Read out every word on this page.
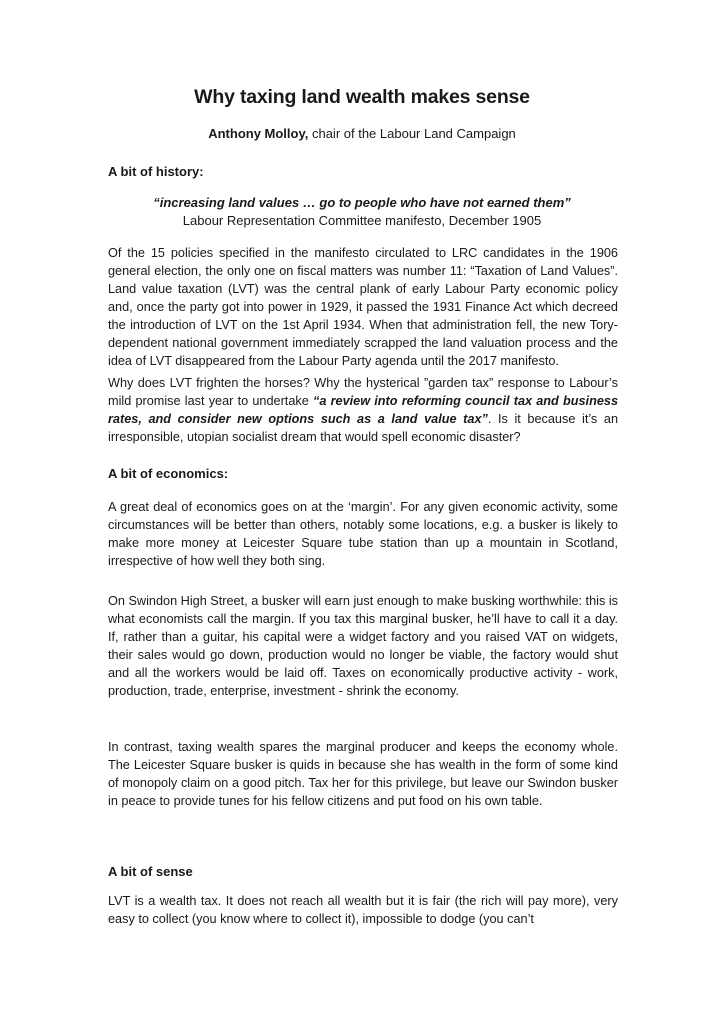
Why taxing land wealth makes sense

Anthony Molloy, chair of the Labour Land Campaign

A bit of history:

“increasing land values … go to people who have not earned them”
Labour Representation Committee manifesto, December 1905

Of the 15 policies specified in the manifesto circulated to LRC candidates in the 1906 general election, the only one on fiscal matters was number 11: “Taxation of Land Values”. Land value taxation (LVT) was the central plank of early Labour Party economic policy and, once the party got into power in 1929, it passed the 1931 Finance Act which decreed the introduction of LVT on the 1st April 1934. When that administration fell, the new Tory-dependent national government immediately scrapped the land valuation process and the idea of LVT disappeared from the Labour Party agenda until the 2017 manifesto.

Why does LVT frighten the horses? Why the hysterical ”garden tax” response to Labour’s mild promise last year to undertake “a review into reforming council tax and business rates, and consider new options such as a land value tax”. Is it because it’s an irresponsible, utopian socialist dream that would spell economic disaster?

A bit of economics:

A great deal of economics goes on at the ‘margin’. For any given economic activity, some circumstances will be better than others, notably some locations, e.g. a busker is likely to make more money at Leicester Square tube station than up a mountain in Scotland, irrespective of how well they both sing.

On Swindon High Street, a busker will earn just enough to make busking worthwhile: this is what economists call the margin. If you tax this marginal busker, he’ll have to call it a day. If, rather than a guitar, his capital were a widget factory and you raised VAT on widgets, their sales would go down, production would no longer be viable, the factory would shut and all the workers would be laid off. Taxes on economically productive activity - work, production, trade, enterprise, investment - shrink the economy.

In contrast, taxing wealth spares the marginal producer and keeps the economy whole. The Leicester Square busker is quids in because she has wealth in the form of some kind of monopoly claim on a good pitch. Tax her for this privilege, but leave our Swindon busker in peace to provide tunes for his fellow citizens and put food on his own table.

A bit of sense

LVT is a wealth tax. It does not reach all wealth but it is fair (the rich will pay more), very easy to collect (you know where to collect it), impossible to dodge (you can’t
